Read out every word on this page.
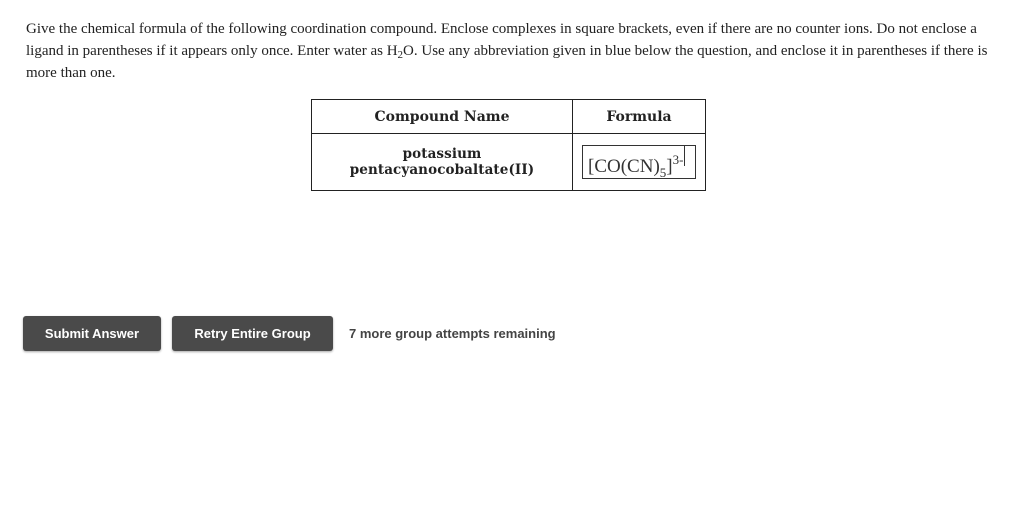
Give the chemical formula of the following coordination compound. Enclose complexes in square brackets, even if there are no counter ions. Do not enclose a ligand in parentheses if it appears only once. Enter water as $H_2O$. Use any abbreviation given in blue below the question, and enclose it in parentheses if there is more than one.

Compound Name	Formula
potassium pentacyanocobaltate(II)	$[CO(CN)_5]^{3-}$
Submit Answer	Retry Entire Group	7 more group attempts remaining
